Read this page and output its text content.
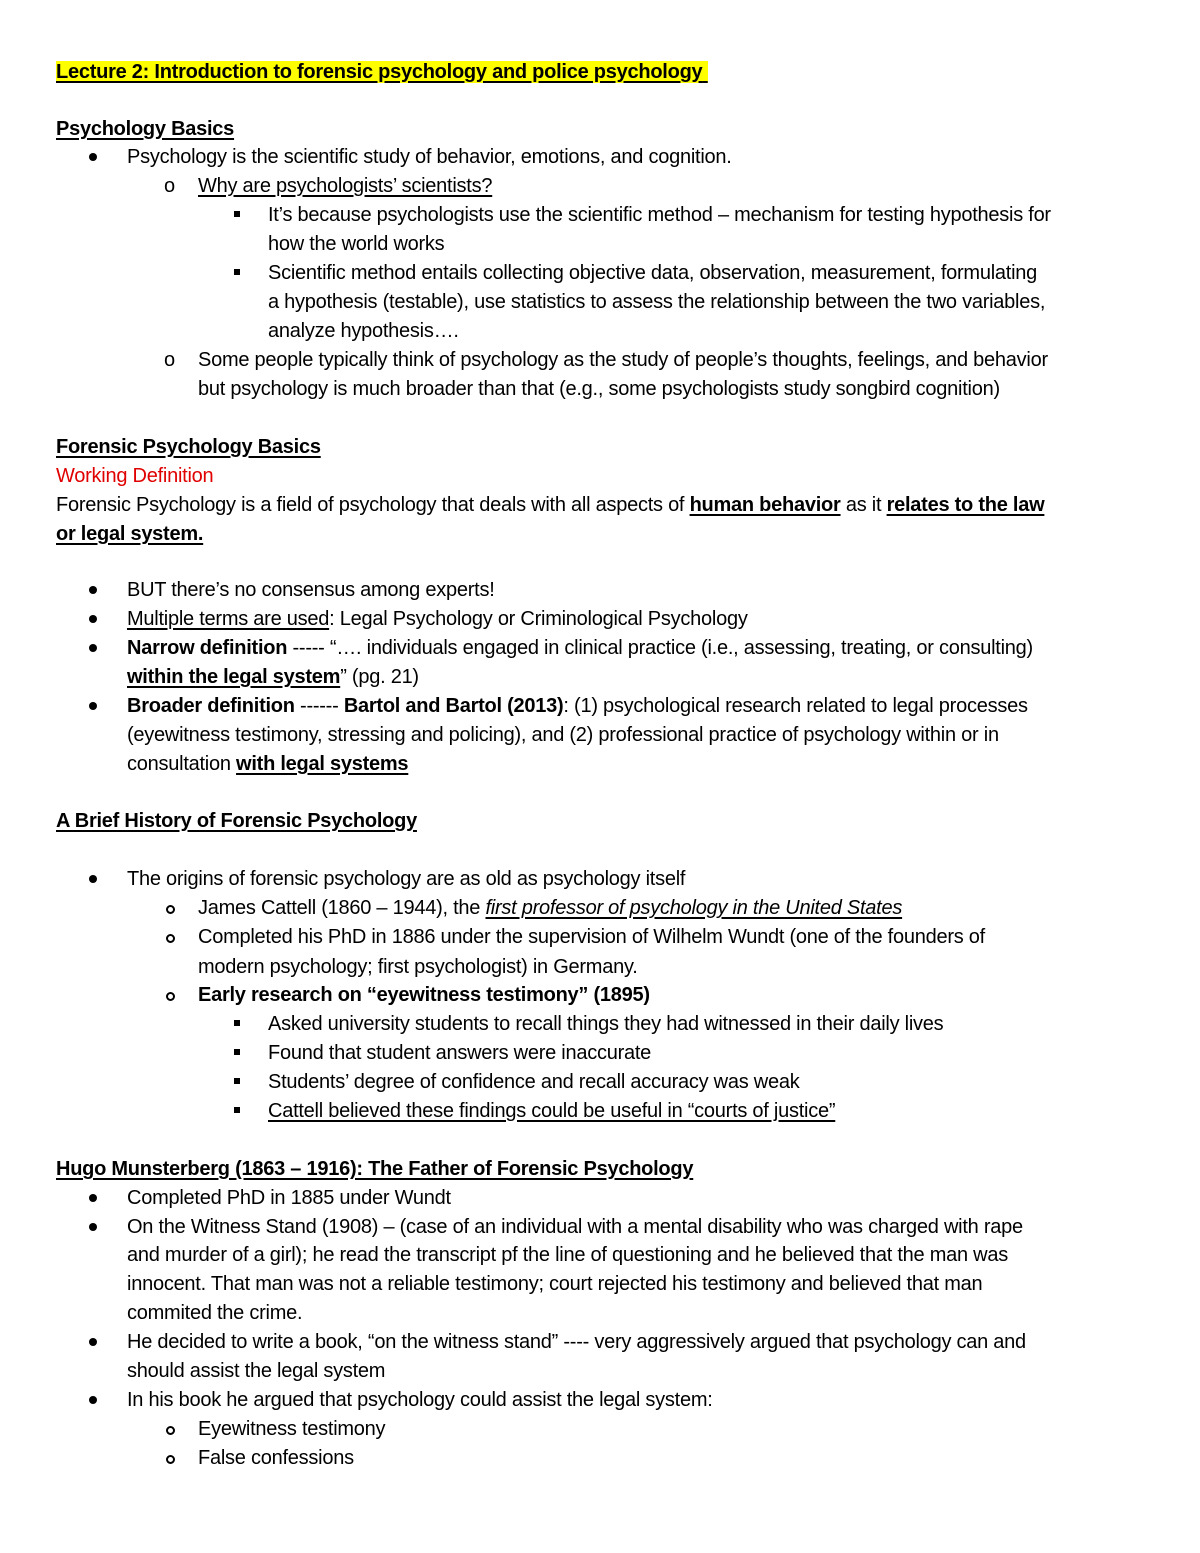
Lecture 2: Introduction to forensic psychology and police psychology
Psychology Basics
Psychology is the scientific study of behavior, emotions, and cognition.
o Why are psychologists’ scientists?
It’s because psychologists use the scientific method – mechanism for testing hypothesis for
how the world works
Scientific method entails collecting objective data, observation, measurement, formulating
a hypothesis (testable), use statistics to assess the relationship between the two variables,
analyze hypothesis….
o Some people typically think of psychology as the study of people’s thoughts, feelings, and behavior
but psychology is much broader than that (e.g., some psychologists study songbird cognition)
Forensic Psychology Basics
Working Definition
Forensic Psychology is a field of psychology that deals with all aspects of human behavior as it relates to the law
or legal system.
BUT there’s no consensus among experts!
Multiple terms are used: Legal Psychology or Criminological Psychology
Narrow definition ----- “…. individuals engaged in clinical practice (i.e., assessing, treating, or consulting)
within the legal system” (pg. 21)
Broader definition ------ Bartol and Bartol (2013): (1) psychological research related to legal processes
(eyewitness testimony, stressing and policing), and (2) professional practice of psychology within or in
consultation with legal systems
A Brief History of Forensic Psychology
The origins of forensic psychology are as old as psychology itself
James Cattell (1860 – 1944), the first professor of psychology in the United States
Completed his PhD in 1886 under the supervision of Wilhelm Wundt (one of the founders of
modern psychology; first psychologist) in Germany.
Early research on “eyewitness testimony” (1895)
Asked university students to recall things they had witnessed in their daily lives
Found that student answers were inaccurate
Students’ degree of confidence and recall accuracy was weak
Cattell believed these findings could be useful in “courts of justice”
Hugo Munsterberg (1863 – 1916): The Father of Forensic Psychology
Completed PhD in 1885 under Wundt
On the Witness Stand (1908) – (case of an individual with a mental disability who was charged with rape
and murder of a girl); he read the transcript pf the line of questioning and he believed that the man was
innocent. That man was not a reliable testimony; court rejected his testimony and believed that man
commited the crime.
He decided to write a book, “on the witness stand” ---- very aggressively argued that psychology can and
should assist the legal system
In his book he argued that psychology could assist the legal system:
Eyewitness testimony
False confessions
